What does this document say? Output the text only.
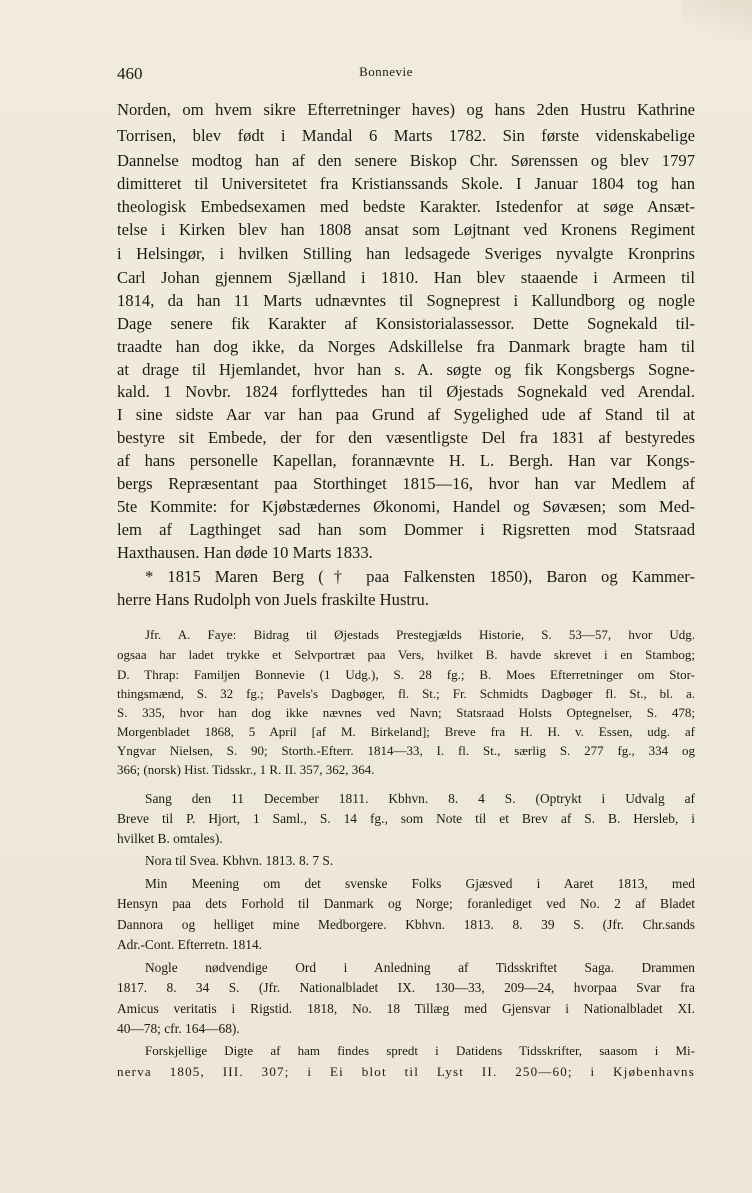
460	Bonnevie
Norden, om hvem sikre Efterretninger haves) og hans 2den Hustru Kathrine
Torrisen, blev født i Mandal 6 Marts 1782. Sin første videnskabelige
Dannelse modtog han af den senere Biskop Chr. Sørenssen og blev 1797
dimitteret til Universitetet fra Kristianssands Skole. I Januar 1804 tog han
theologisk Embedsexamen med bedste Karakter. Istedenfor at søge Ansæt-
telse i Kirken blev han 1808 ansat som Løjtnant ved Kronens Regiment
i Helsingør, i hvilken Stilling han ledsagede Sveriges nyvalgte Kronprins
Carl Johan gjennem Sjælland i 1810. Han blev staaende i Armeen til
1814, da han 11 Marts udnævntes til Sogneprest i Kallundborg og nogle
Dage senere fik Karakter af Konsistorialassessor. Dette Sognekald til-
traadte han dog ikke, da Norges Adskillelse fra Danmark bragte ham til
at drage til Hjemlandet, hvor han s. A. søgte og fik Kongsbergs Sogne-
kald. 1 Novbr. 1824 forflyttedes han til Øjestads Sognekald ved Arendal.
I sine sidste Aar var han paa Grund af Sygelighed ude af Stand til at
bestyre sit Embede, der for den væsentligste Del fra 1831 af bestyredes
af hans personelle Kapellan, forannævnte H. L. Bergh. Han var Kongs-
bergs Repræsentant paa Storthinget 1815—16, hvor han var Medlem af
5te Kommite: for Kjøbstædernes Økonomi, Handel og Søvæsen; som Med-
lem af Lagthinget sad han som Dommer i Rigsretten mod Statsraad
Haxthausen. Han døde 10 Marts 1833.
* 1815 Maren Berg († paa Falkensten 1850), Baron og Kammer-
herre Hans Rudolph von Juels fraskilte Hustru.
Jfr. A. Faye: Bidrag til Øjestads Prestegjælds Historie, S. 53—57, hvor Udg.
ogsaa har ladet trykke et Selvportræt paa Vers, hvilket B. havde skrevet i en Stambog;
D. Thrap: Familjen Bonnevie (1 Udg.), S. 28 fg.; B. Moes Efterretninger om Stor-
thingsmænd, S. 32 fg.; Pavels's Dagbøger, fl. St.; Fr. Schmidts Dagbøger fl. St., bl. a.
S. 335, hvor han dog ikke nævnes ved Navn; Statsraad Holsts Optegnelser, S. 478;
Morgenbladet 1868, 5 April [af M. Birkeland]; Breve fra H. H. v. Essen, udg. af
Yngvar Nielsen, S. 90; Storth.-Efterr. 1814—33, I. fl. St., særlig S. 277 fg., 334 og
366; (norsk) Hist. Tidsskr., 1 R. II. 357, 362, 364.
Sang den 11 December 1811. Kbhvn. 8. 4 S. (Optrykt i Udvalg af
Breve til P. Hjort, 1 Saml., S. 14 fg., som Note til et Brev af S. B. Hersleb, i
hvilket B. omtales).
Nora til Svea. Kbhvn. 1813. 8. 7 S.
Min Meening om det svenske Folks Gjæsved i Aaret 1813, med
Hensyn paa dets Forhold til Danmark og Norge; foranlediget ved No. 2 af Bladet
Dannora og helliget mine Medborgere. Kbhvn. 1813. 8. 39 S. (Jfr. Chr.sands
Adr.-Cont. Efterretn. 1814.
Nogle nødvendige Ord i Anledning af Tidsskriftet Saga. Drammen
1817. 8. 34 S. (Jfr. Nationalbladet IX. 130—33, 209—24, hvorpaa Svar fra
Amicus veritatis i Rigstid. 1818, No. 18 Tillæg med Gjensvar i Nationalbladet XI.
40—78; cfr. 164—68).
Forskjellige Digte af ham findes spredt i Datidens Tidsskrifter, saasom i Mi-
nerva 1805, III. 307; i Ei blot til Lyst II. 250—60; i Kjøbenhavns
